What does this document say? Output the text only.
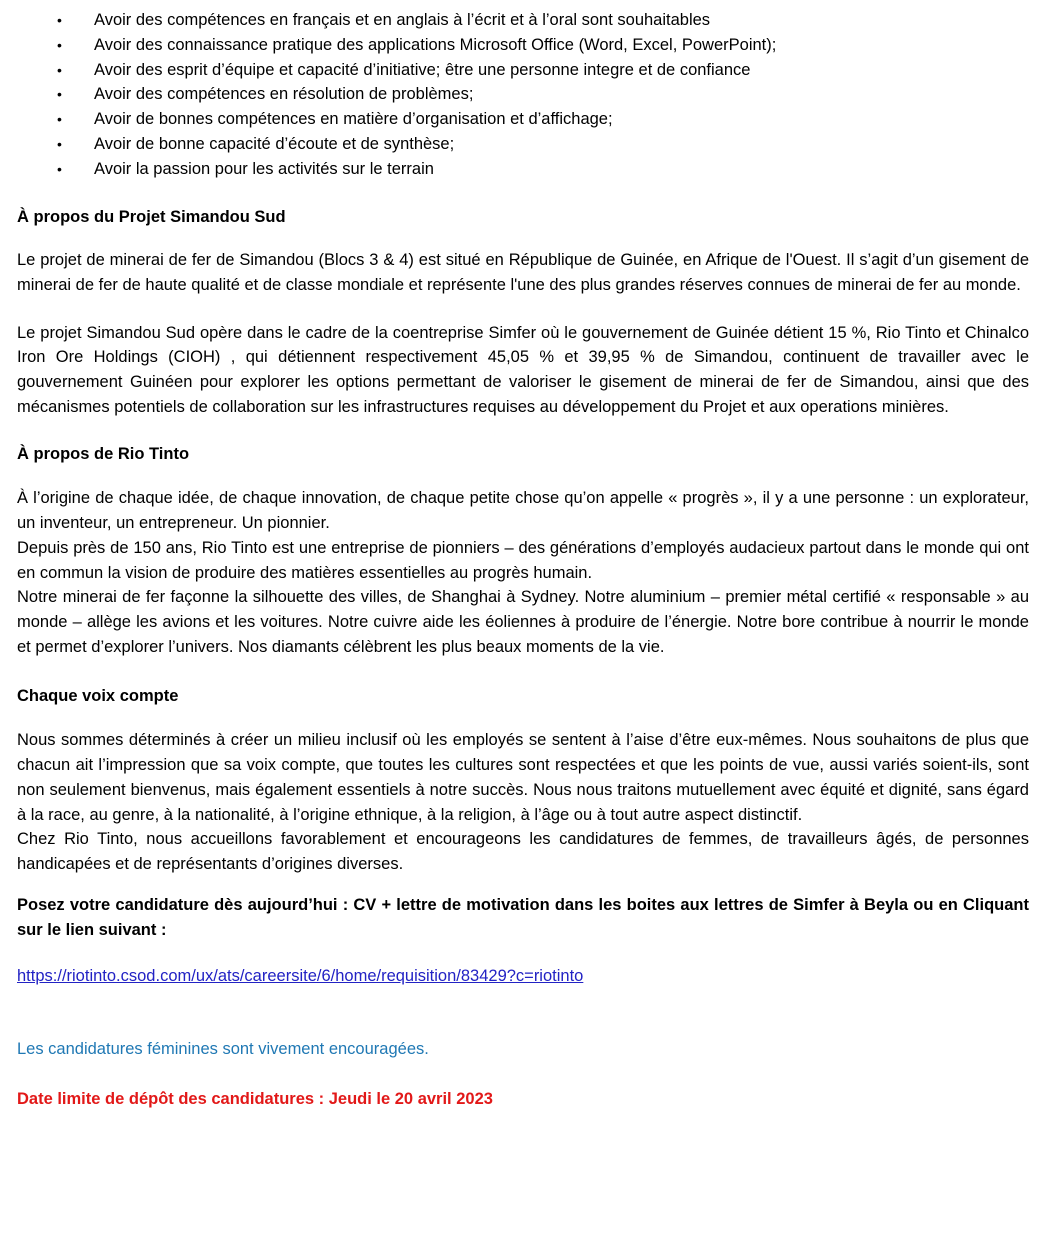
•	Avoir des compétences en français et en anglais à l’écrit et à l’oral sont souhaitables
•	Avoir des connaissance pratique des applications Microsoft Office (Word, Excel, PowerPoint);
•	Avoir des esprit d’équipe et capacité d’initiative; être une personne integre et de confiance
•	Avoir des compétences en résolution de problèmes;
•	Avoir de bonnes compétences en matière d’organisation et d’affichage;
•	Avoir de bonne capacité d’écoute et de synthèse;
•	Avoir la passion pour les activités sur le terrain
À propos du Projet Simandou Sud

Le projet de minerai de fer de Simandou (Blocs 3 & 4) est situé en République de Guinée, en Afrique de l'Ouest. Il s’agit d’un gisement de minerai de fer de haute qualité et de classe mondiale et représente l'une des plus grandes réserves connues de minerai de fer au monde.

Le projet Simandou Sud opère dans le cadre de la coentreprise Simfer où le gouvernement de Guinée détient 15 %, Rio Tinto et Chinalco Iron Ore Holdings (CIOH) , qui détiennent respectivement 45,05 % et 39,95 % de Simandou, continuent de travailler avec le gouvernement Guinéen pour explorer les options permettant de valoriser le gisement de minerai de fer de Simandou, ainsi que des mécanismes potentiels de collaboration sur les infrastructures requises au développement du Projet et aux operations minières.

À propos de Rio Tinto

À l’origine de chaque idée, de chaque innovation, de chaque petite chose qu’on appelle « progrès », il y a une personne : un explorateur, un inventeur, un entrepreneur. Un pionnier.

Depuis près de 150 ans, Rio Tinto est une entreprise de pionniers – des générations d’employés audacieux partout dans le monde qui ont en commun la vision de produire des matières essentielles au progrès humain.

Notre minerai de fer façonne la silhouette des villes, de Shanghai à Sydney. Notre aluminium – premier métal certifié « responsable » au monde – allège les avions et les voitures. Notre cuivre aide les éoliennes à produire de l’énergie. Notre bore contribue à nourrir le monde et permet d’explorer l’univers. Nos diamants célèbrent les plus beaux moments de la vie.

Chaque voix compte

Nous sommes déterminés à créer un milieu inclusif où les employés se sentent à l’aise d’être eux-mêmes. Nous souhaitons de plus que chacun ait l’impression que sa voix compte, que toutes les cultures sont respectées et que les points de vue, aussi variés soient-ils, sont non seulement bienvenus, mais également essentiels à notre succès. Nous nous traitons mutuellement avec équité et dignité, sans égard à la race, au genre, à la nationalité, à l’origine ethnique, à la religion, à l’âge ou à tout autre aspect distinctif.

Chez Rio Tinto, nous accueillons favorablement et encourageons les candidatures de femmes, de travailleurs âgés, de personnes handicapées et de représentants d’origines diverses.

Posez votre candidature dès aujourd’hui : CV + lettre de motivation dans les boites aux lettres de Simfer à Beyla ou en Cliquant sur le lien suivant :

https://riotinto.csod.com/ux/ats/careersite/6/home/requisition/83429?c=riotinto
Les candidatures féminines sont vivement encouragées.
Date limite de dépôt des candidatures : Jeudi le 20 avril 2023
